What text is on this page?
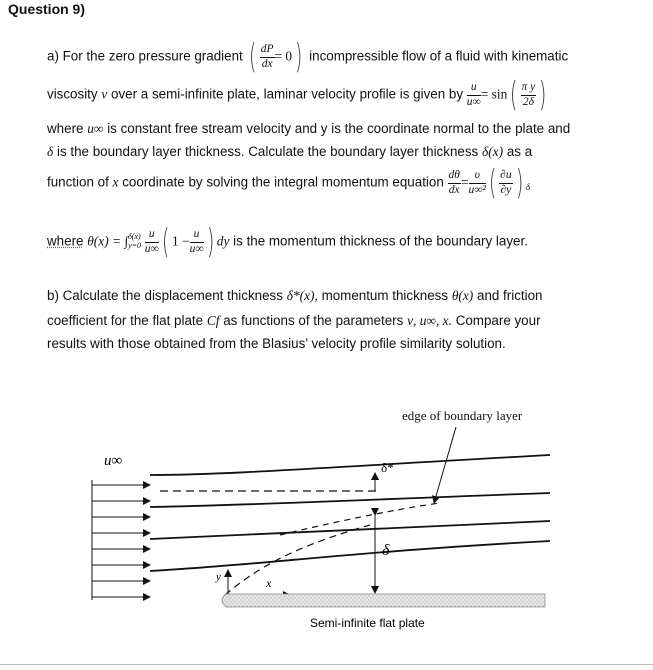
Question 9)
a) For the zero pressure gradient ( $\frac{dP}{dx} = 0$) incompressible flow of a fluid with kinematic
viscosity ν over a semi-infinite plate, laminar velocity profile is given by $\frac{u}{u\infty} = \sin( \frac{\text{π y}}{2\delta}$ )
where u∞ is constant free stream velocity and y is the coordinate normal to the plate and
δ is the boundary layer thickness. Calculate the boundary layer thickness δ(x) as a
function of x coordinate by solving the integral momentum equation $\frac{d\theta}{dx} = \frac{\upsilon}{\text{u∞²}}$ ( $\frac{\partial u}{\partial y}$ ) $_\delta$
where θ(x) = ∫ δ(x)
y=0
$\frac{u}{u\infty}$ ( $1 - \frac{u}{u\infty}$ ) dy is the momentum thickness of the boundary layer.
b) Calculate the displacement thickness δ*(x), momentum thickness θ(x) and friction
coefficient for the flat plate Cf as functions of the parameters ν, u∞, x. Compare your
results with those obtained from the Blasius’ velocity profile similarity solution.
edge of boundary layer
u∞	δ*
δ
y	x
Semi-infinite flat plate
